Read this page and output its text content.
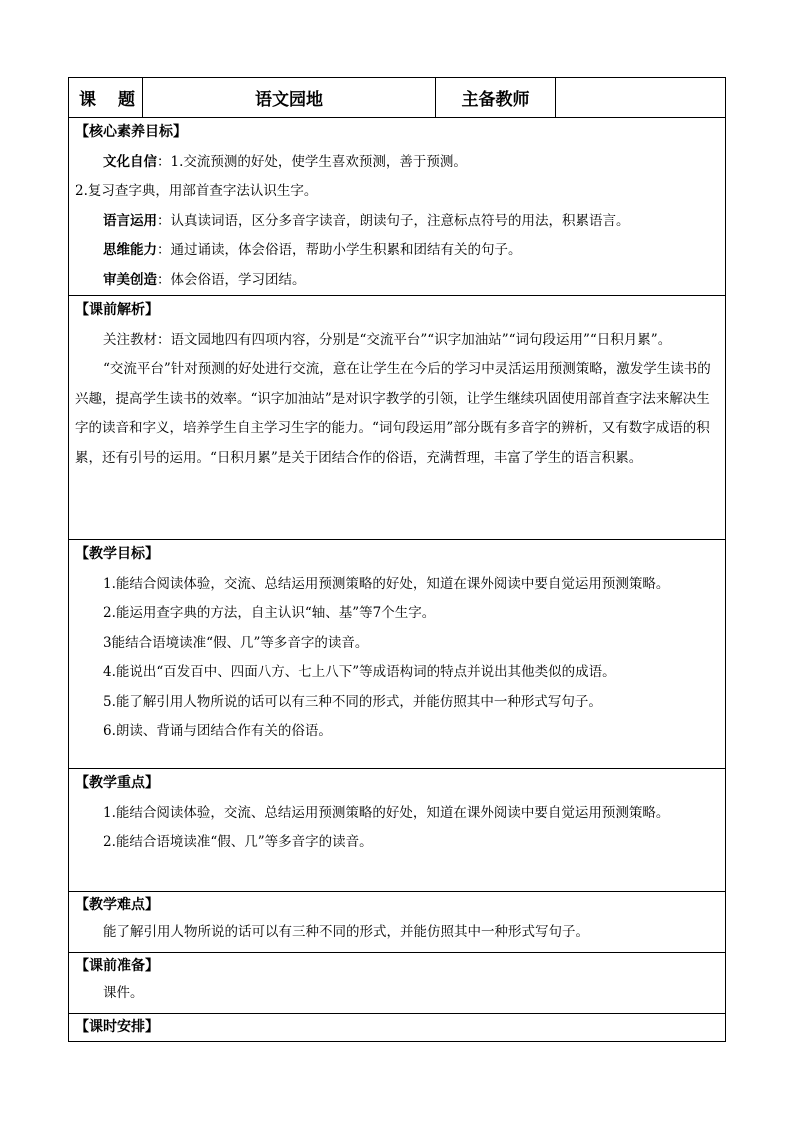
课 题	语文园地	主备教师	

【核心素养目标】

文化自信：1.交流预测的好处，使学生喜欢预测，善于预测。

2.复习查字典，用部首查字法认识生字。

语言运用：认真读词语，区分多音字读音，朗读句子，注意标点符号的用法，积累语言。

思维能力：通过诵读，体会俗语，帮助小学生积累和团结有关的句子。

审美创造：体会俗语，学习团结。

【课前解析】

关注教材：语文园地四有四项内容，分别是“交流平台”“识字加油站”“词句段运用”“日积月累”。

“交流平台”针对预测的好处进行交流，意在让学生在今后的学习中灵活运用预测策略，激发学生读书的兴趣，提高学生读书的效率。“识字加油站”是对识字教学的引领，让学生继续巩固使用部首查字法来解决生字的读音和字义，培养学生自主学习生字的能力。“词句段运用”部分既有多音字的辨析，又有数字成语的积累，还有引号的运用。“日积月累”是关于团结合作的俗语，充满哲理，丰富了学生的语言积累。

【教学目标】

1.能结合阅读体验，交流、总结运用预测策略的好处，知道在课外阅读中要自觉运用预测策略。

2.能运用查字典的方法，自主认识“轴、基”等7个生字。

3能结合语境读准“假、几”等多音字的读音。

4.能说出“百发百中、四面八方、七上八下”等成语构词的特点并说出其他类似的成语。

5.能了解引用人物所说的话可以有三种不同的形式，并能仿照其中一种形式写句子。

6.朗读、背诵与团结合作有关的俗语。

【教学重点】

1.能结合阅读体验，交流、总结运用预测策略的好处，知道在课外阅读中要自觉运用预测策略。

2.能结合语境读准“假、几”等多音字的读音。

【教学难点】

能了解引用人物所说的话可以有三种不同的形式，并能仿照其中一种形式写句子。

【课前准备】

课件。

【课时安排】
